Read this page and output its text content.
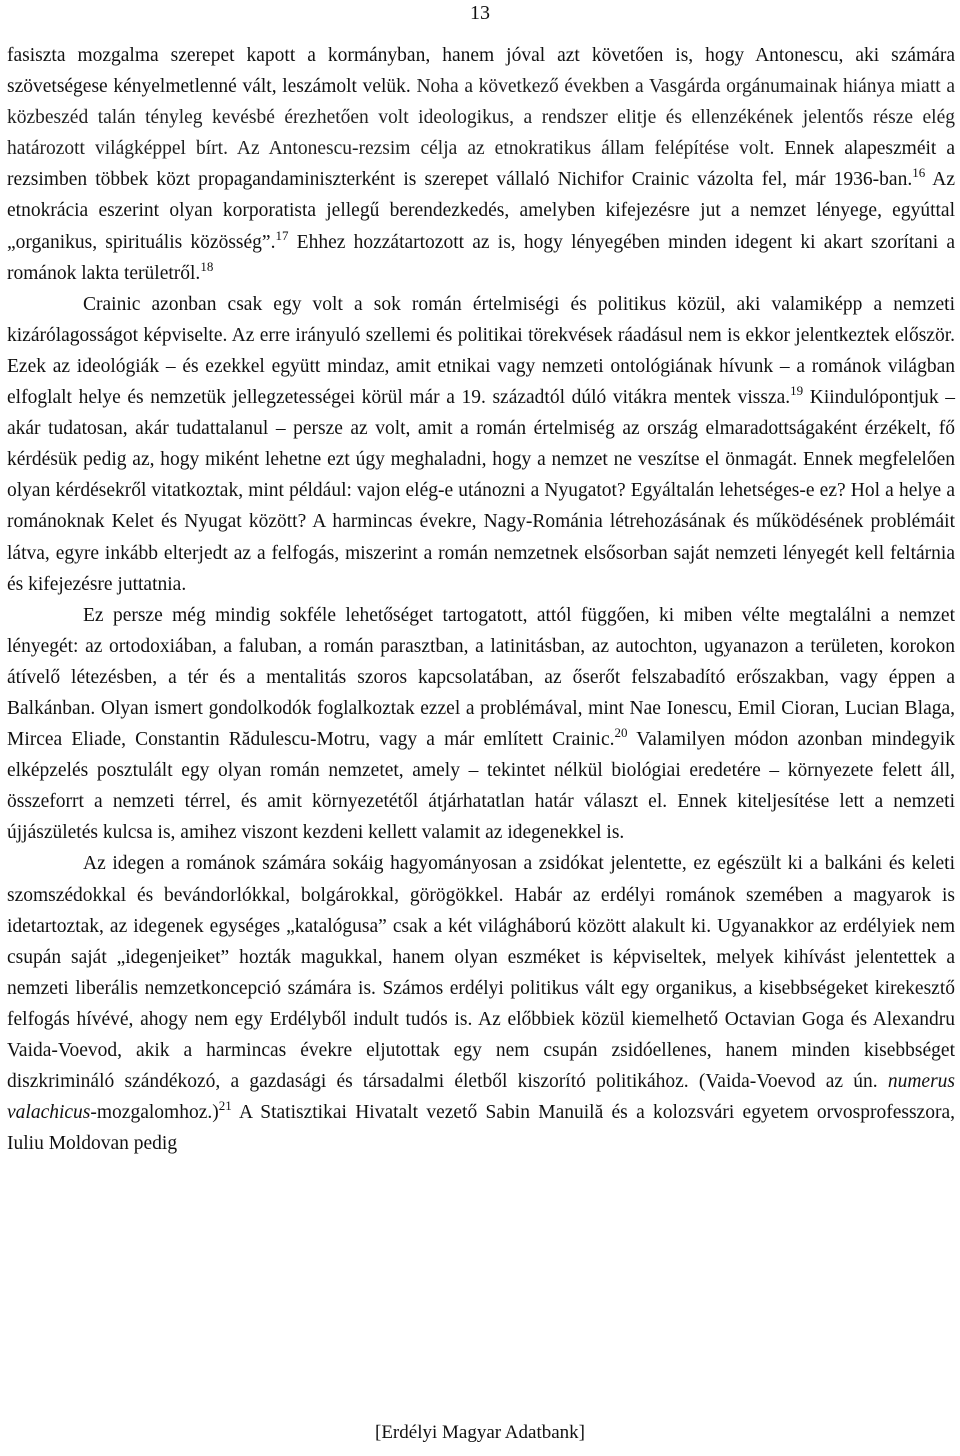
13

fasiszta mozgalma szerepet kapott a kormányban, hanem jóval azt követően is, hogy Antonescu, aki számára szövetségese kényelmetlenné vált, leszámolt velük. Noha a következő években a Vasgárda orgánumainak hiánya miatt a közbeszéd talán tényleg kevésbé érezhetően volt ideologikus, a rendszer elitje és ellenzékének jelentős része elég határozott világképpel bírt. Az Antonescu-rezsim célja az etnokratikus állam felépítése volt. Ennek alapeszméit a rezsimben többek közt propagandaminiszterként is szerepet vállaló Nichifor Crainic vázolta fel, már 1936-ban.$^{16}$ Az etnokrácia eszerint olyan korporatista jellegű berendezkedés, amelyben kifejezésre jut a nemzet lényege, egyúttal „organikus, spirituális közösség”.$^{17}$ Ehhez hozzátartozott az is, hogy lényegében minden idegent ki akart szorítani a románok lakta területről.$^{18}$

Crainic azonban csak egy volt a sok román értelmiségi és politikus közül, aki valamiképp a nemzeti kizárólagosságot képviselte. Az erre irányuló szellemi és politikai törekvések ráadásul nem is ekkor jelentkeztek először. Ezek az ideológiák – és ezekkel együtt mindaz, amit etnikai vagy nemzeti ontológiának hívunk – a románok világban elfoglalt helye és nemzetük jellegzetességei körül már a 19. századtól dúló vitákra mentek vissza.$^{19}$ Kiindulópontjuk – akár tudatosan, akár tudattalanul – persze az volt, amit a román értelmiség az ország elmaradottságaként érzékelt, fő kérdésük pedig az, hogy miként lehetne ezt úgy meghaladni, hogy a nemzet ne veszítse el önmagát. Ennek megfelelően olyan kérdésekről vitatkoztak, mint például: vajon elég-e utánozni a Nyugatot? Egyáltalán lehetséges-e ez? Hol a helye a románoknak Kelet és Nyugat között? A harmincas évekre, Nagy-Románia létrehozásának és működésének problémáit látva, egyre inkább elterjedt az a felfogás, miszerint a román nemzetnek elsősorban saját nemzeti lényegét kell feltárnia és kifejezésre juttatnia.

Ez persze még mindig sokféle lehetőséget tartogatott, attól függően, ki miben vélte megtalálni a nemzet lényegét: az ortodoxiában, a faluban, a román parasztban, a latinitásban, az autochton, ugyanazon a területen, korokon átívelő létezésben, a tér és a mentalitás szoros kapcsolatában, az őserőt felszabadító erőszakban, vagy éppen a Balkánban. Olyan ismert gondolkodók foglalkoztak ezzel a problémával, mint Nae Ionescu, Emil Cioran, Lucian Blaga, Mircea Eliade, Constantin Rădulescu-Motru, vagy a már említett Crainic.$^{20}$ Valamilyen módon azonban mindegyik elképzelés posztulált egy olyan román nemzetet, amely – tekintet nélkül biológiai eredetére – környezete felett áll, összeforrt a nemzeti térrel, és amit környezetétől átjárhatatlan határ választ el. Ennek kiteljesítése lett a nemzeti újjászületés kulcsa is, amihez viszont kezdeni kellett valamit az idegenekkel is.

Az idegen a románok számára sokáig hagyományosan a zsidókat jelentette, ez egészült ki a balkáni és keleti szomszédokkal és bevándorlókkal, bolgárokkal, görögökkel. Habár az erdélyi románok szemében a magyarok is idetartoztak, az idegenek egységes „katalógusa” csak a két világháború között alakult ki. Ugyanakkor az erdélyiek nem csupán saját „idegenjeiket” hozták magukkal, hanem olyan eszméket is képviseltek, melyek kihívást jelentettek a nemzeti liberális nemzetkoncepció számára is. Számos erdélyi politikus vált egy organikus, a kisebbségeket kirekesztő felfogás hívévé, ahogy nem egy Erdélyből indult tudós is. Az előbbiek közül kiemelhető Octavian Goga és Alexandru Vaida-Voevod, akik a harmincas évekre eljutottak egy nem csupán zsidóellenes, hanem minden kisebbséget diszkrimináló szándékozó, a gazdasági és társadalmi életből kiszorító politikához. (Vaida-Voevod az ún. numerus valachicus-mozgalomhoz.)$^{21}$ A Statisztikai Hivatalt vezető Sabin Manuilă és a kolozsvári egyetem orvosprofesszora, Iuliu Moldovan pedig

[Erdélyi Magyar Adatbank]
